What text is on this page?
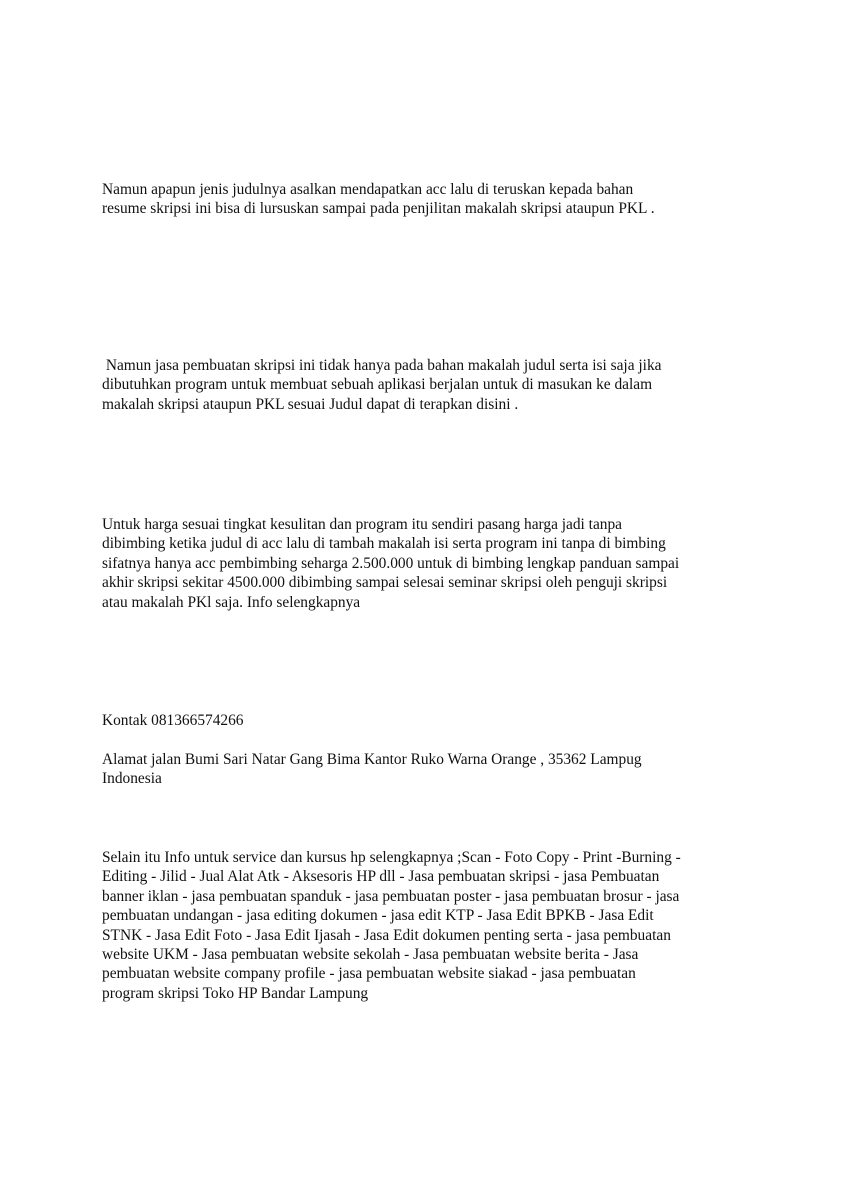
Namun apapun jenis judulnya asalkan mendapatkan acc lalu di teruskan kepada bahan
resume skripsi ini bisa di lursuskan sampai pada penjilitan makalah skripsi ataupun PKL .

Namun jasa pembuatan skripsi ini tidak hanya pada bahan makalah judul serta isi saja jika
dibutuhkan program untuk membuat sebuah aplikasi berjalan untuk di masukan ke dalam
makalah skripsi ataupun PKL sesuai Judul dapat di terapkan disini .

Untuk harga sesuai tingkat kesulitan dan program itu sendiri pasang harga jadi tanpa
dibimbing ketika judul di acc lalu di tambah makalah isi serta program ini tanpa di bimbing
sifatnya hanya acc pembimbing seharga 2.500.000 untuk di bimbing lengkap panduan sampai
akhir skripsi sekitar 4500.000 dibimbing sampai selesai seminar skripsi oleh penguji skripsi
atau makalah PKl saja. Info selengkapnya

Kontak 081366574266

Alamat jalan Bumi Sari Natar Gang Bima Kantor Ruko Warna Orange , 35362 Lampug
Indonesia

Selain itu Info untuk service dan kursus hp selengkapnya ;Scan - Foto Copy - Print -Burning -
Editing - Jilid - Jual Alat Atk - Aksesoris HP dll - Jasa pembuatan skripsi - jasa Pembuatan
banner iklan - jasa pembuatan spanduk - jasa pembuatan poster - jasa pembuatan brosur - jasa
pembuatan undangan - jasa editing dokumen - jasa edit KTP - Jasa Edit BPKB - Jasa Edit
STNK - Jasa Edit Foto - Jasa Edit Ijasah - Jasa Edit dokumen penting serta - jasa pembuatan
website UKM - Jasa pembuatan website sekolah - Jasa pembuatan website berita - Jasa
pembuatan website company profile - jasa pembuatan website siakad - jasa pembuatan
program skripsi Toko HP Bandar Lampung
